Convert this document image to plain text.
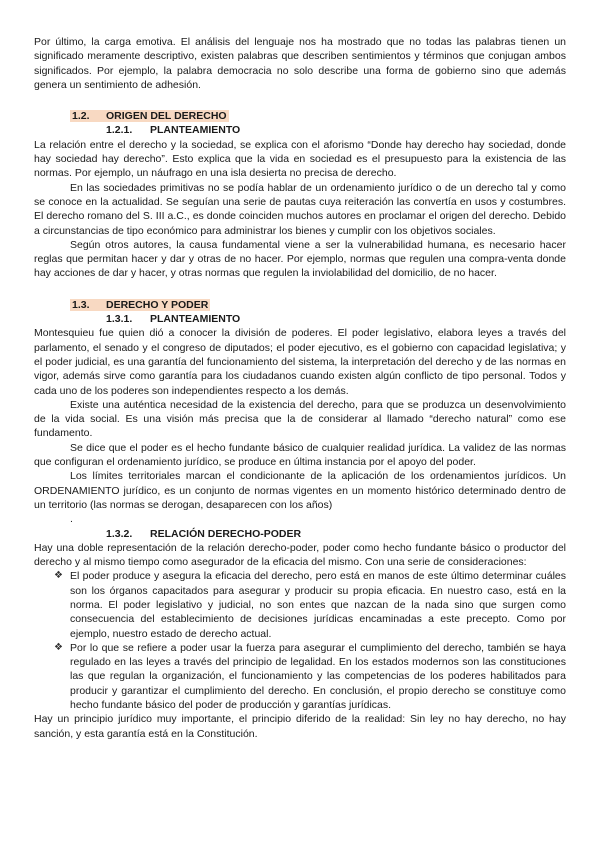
Por último, la carga emotiva. El análisis del lenguaje nos ha mostrado que no todas las palabras tienen un significado meramente descriptivo, existen palabras que describen sentimientos y términos que conjugan ambos significados. Por ejemplo, la palabra democracia no solo describe una forma de gobierno sino que además genera un sentimiento de adhesión.

1.2. ORIGEN DEL DERECHO
1.2.1. PLANTEAMIENTO

La relación entre el derecho y la sociedad, se explica con el aforismo “Donde hay derecho hay sociedad, donde hay sociedad hay derecho”. Esto explica que la vida en sociedad es el presupuesto para la existencia de las normas. Por ejemplo, un náufrago en una isla desierta no precisa de derecho.

En las sociedades primitivas no se podía hablar de un ordenamiento jurídico o de un derecho tal y como se conoce en la actualidad. Se seguían una serie de pautas cuya reiteración las convertía en usos y costumbres. El derecho romano del S. III a.C., es donde coinciden muchos autores en proclamar el origen del derecho. Debido a circunstancias de tipo económico para administrar los bienes y cumplir con los objetivos sociales.

Según otros autores, la causa fundamental viene a ser la vulnerabilidad humana, es necesario hacer reglas que permitan hacer y dar y otras de no hacer. Por ejemplo, normas que regulen una compra-venta donde hay acciones de dar y hacer, y otras normas que regulen la inviolabilidad del domicilio, de no hacer.

1.3. DERECHO Y PODER
1.3.1. PLANTEAMIENTO

Montesquieu fue quien dió a conocer la división de poderes. El poder legislativo, elabora leyes a través del parlamento, el senado y el congreso de diputados; el poder ejecutivo, es el gobierno con capacidad legislativa; y el poder judicial, es una garantía del funcionamiento del sistema, la interpretación del derecho y de las normas en vigor, además sirve como garantía para los ciudadanos cuando existen algún conflicto de tipo personal. Todos y cada uno de los poderes son independientes respecto a los demás.

Existe una auténtica necesidad de la existencia del derecho, para que se produzca un desenvolvimiento de la vida social. Es una visión más precisa que la de considerar al llamado “derecho natural” como ese fundamento.

Se dice que el poder es el hecho fundante básico de cualquier realidad jurídica. La validez de las normas que configuran el ordenamiento jurídico, se produce en última instancia por el apoyo del poder.

Los límites territoriales marcan el condicionante de la aplicación de los ordenamientos jurídicos. Un ORDENAMIENTO jurídico, es un conjunto de normas vigentes en un momento histórico determinado dentro de un territorio (las normas se derogan, desaparecen con los años)

.
1.3.2. RELACIÓN DERECHO-PODER

Hay una doble representación de la relación derecho-poder, poder como hecho fundante básico o productor del derecho y al mismo tiempo como asegurador de la eficacia del mismo. Con una serie de consideraciones:

❖ El poder produce y asegura la eficacia del derecho, pero está en manos de este último determinar cuáles son los órganos capacitados para asegurar y producir su propia eficacia. En nuestro caso, está en la norma. El poder legislativo y judicial, no son entes que nazcan de la nada sino que surgen como consecuencia del establecimiento de decisiones jurídicas encaminadas a este precepto. Como por ejemplo, nuestro estado de derecho actual.
❖ Por lo que se refiere a poder usar la fuerza para asegurar el cumplimiento del derecho, también se haya regulado en las leyes a través del principio de legalidad. En los estados modernos son las constituciones las que regulan la organización, el funcionamiento y las competencias de los poderes habilitados para producir y garantizar el cumplimiento del derecho. En conclusión, el propio derecho se constituye como hecho fundante básico del poder de producción y garantías jurídicas.

Hay un principio jurídico muy importante, el principio diferido de la realidad: Sin ley no hay derecho, no hay sanción, y esta garantía está en la Constitución.
